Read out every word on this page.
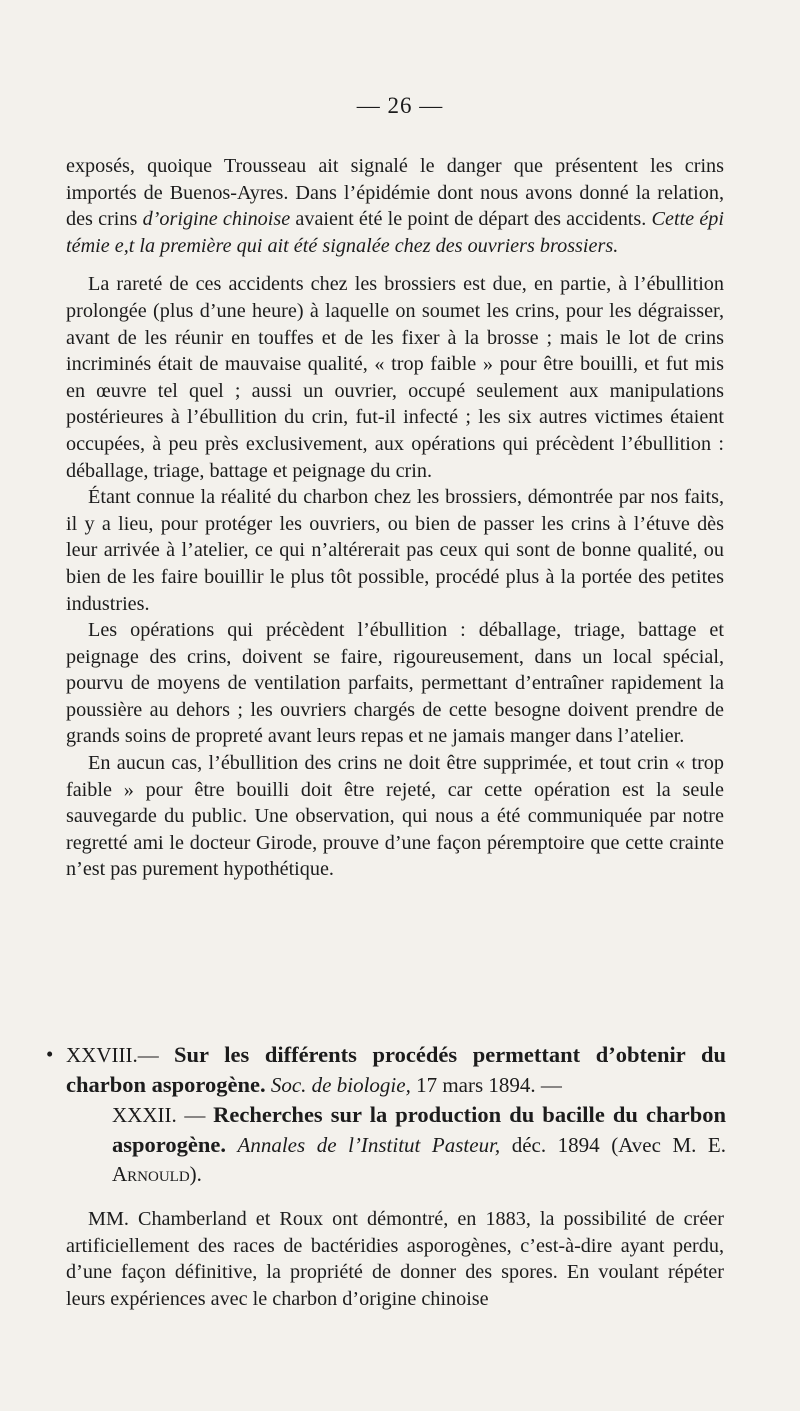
— 26 —

exposés, quoique Trousseau ait signalé le danger que présentent les crins importés de Buenos-Ayres. Dans l’épidémie dont nous avons donné la relation, des crins d’origine chinoise avaient été le point de départ des accidents. Cette épi témie e,t la première qui ait été signalée chez des ouvriers brossiers.

La rareté de ces accidents chez les brossiers est due, en partie, à l’ébullition prolongée (plus d’une heure) à laquelle on soumet les crins, pour les dégraisser, avant de les réunir en touffes et de les fixer à la brosse ; mais le lot de crins incriminés était de mauvaise qualité, « trop faible » pour être bouilli, et fut mis en œuvre tel quel ; aussi un ouvrier, occupé seulement aux manipulations postérieures à l’ébullition du crin, fut-il infecté ; les six autres victimes étaient occupées, à peu près exclusivement, aux opérations qui précèdent l’ébullition : déballage, triage, battage et peignage du crin.

Étant connue la réalité du charbon chez les brossiers, démontrée par nos faits, il y a lieu, pour protéger les ouvriers, ou bien de passer les crins à l’étuve dès leur arrivée à l’atelier, ce qui n’altérerait pas ceux qui sont de bonne qualité, ou bien de les faire bouillir le plus tôt possible, procédé plus à la portée des petites industries.

Les opérations qui précèdent l’ébullition : déballage, triage, battage et peignage des crins, doivent se faire, rigoureusement, dans un local spécial, pourvu de moyens de ventilation parfaits, permettant d’entraîner rapidement la poussière au dehors ; les ouvriers chargés de cette besogne doivent prendre de grands soins de propreté avant leurs repas et ne jamais manger dans l’atelier.

En aucun cas, l’ébullition des crins ne doit être supprimée, et tout crin « trop faible » pour être bouilli doit être rejeté, car cette opération est la seule sauvegarde du public. Une observation, qui nous a été communiquée par notre regretté ami le docteur Girode, prouve d’une façon péremptoire que cette crainte n’est pas purement hypothétique.

• XXVIII.— Sur les différents procédés permettant d’obtenir du charbon asporogène. Soc. de biologie, 17 mars 1894. —
XXXII. — Recherches sur la production du bacille du charbon asporogène. Annales de l’Institut Pasteur, déc. 1894 (Avec M. E. Arnould).

MM. Chamberland et Roux ont démontré, en 1883, la possibilité de créer artificiellement des races de bactéridies asporogènes, c’est-à-dire ayant perdu, d’une façon définitive, la propriété de donner des spores. En voulant répéter leurs expériences avec le charbon d’origine chinoise
